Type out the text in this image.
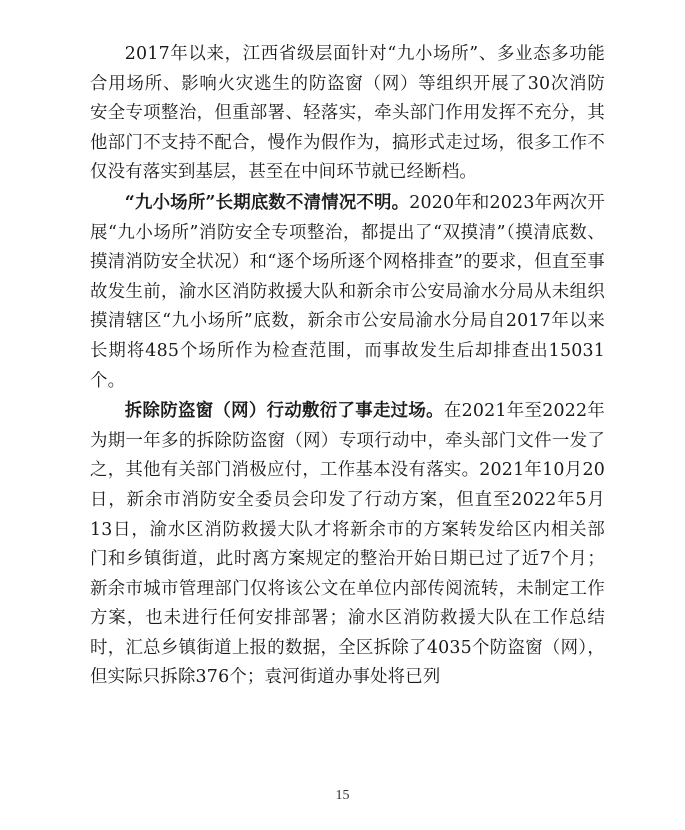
2017年以来，江西省级层面针对“九小场所”、多业态多功能合用场所、影响火灾逃生的防盗窗（网）等组织开展了30次消防安全专项整治，但重部署、轻落实，牵头部门作用发挥不充分，其他部门不支持不配合，慢作为假作为，搞形式走过场，很多工作不仅没有落实到基层，甚至在中间环节就已经断档。

“九小场所”长期底数不清情况不明。2020年和2023年两次开展“九小场所”消防安全专项整治，都提出了“双摸清”（摸清底数、摸清消防安全状况）和“逐个场所逐个网格排查”的要求，但直至事故发生前，渝水区消防救援大队和新余市公安局渝水分局从未组织摸清辖区“九小场所”底数，新余市公安局渝水分局自2017年以来长期将485个场所作为检查范围，而事故发生后却排查出15031个。

拆除防盗窗（网）行动敷衍了事走过场。在2021年至2022年为期一年多的拆除防盗窗（网）专项行动中，牵头部门文件一发了之，其他有关部门消极应付，工作基本没有落实。2021年10月20日，新余市消防安全委员会印发了行动方案，但直至2022年5月13日，渝水区消防救援大队才将新余市的方案转发给区内相关部门和乡镇街道，此时离方案规定的整治开始日期已过了近7个月；新余市城市管理部门仅将该公文在单位内部传阅流转，未制定工作方案，也未进行任何安排部署；渝水区消防救援大队在工作总结时，汇总乡镇街道上报的数据，全区拆除了4035个防盗窗（网），但实际只拆除376个；袁河街道办事处将已列

15
